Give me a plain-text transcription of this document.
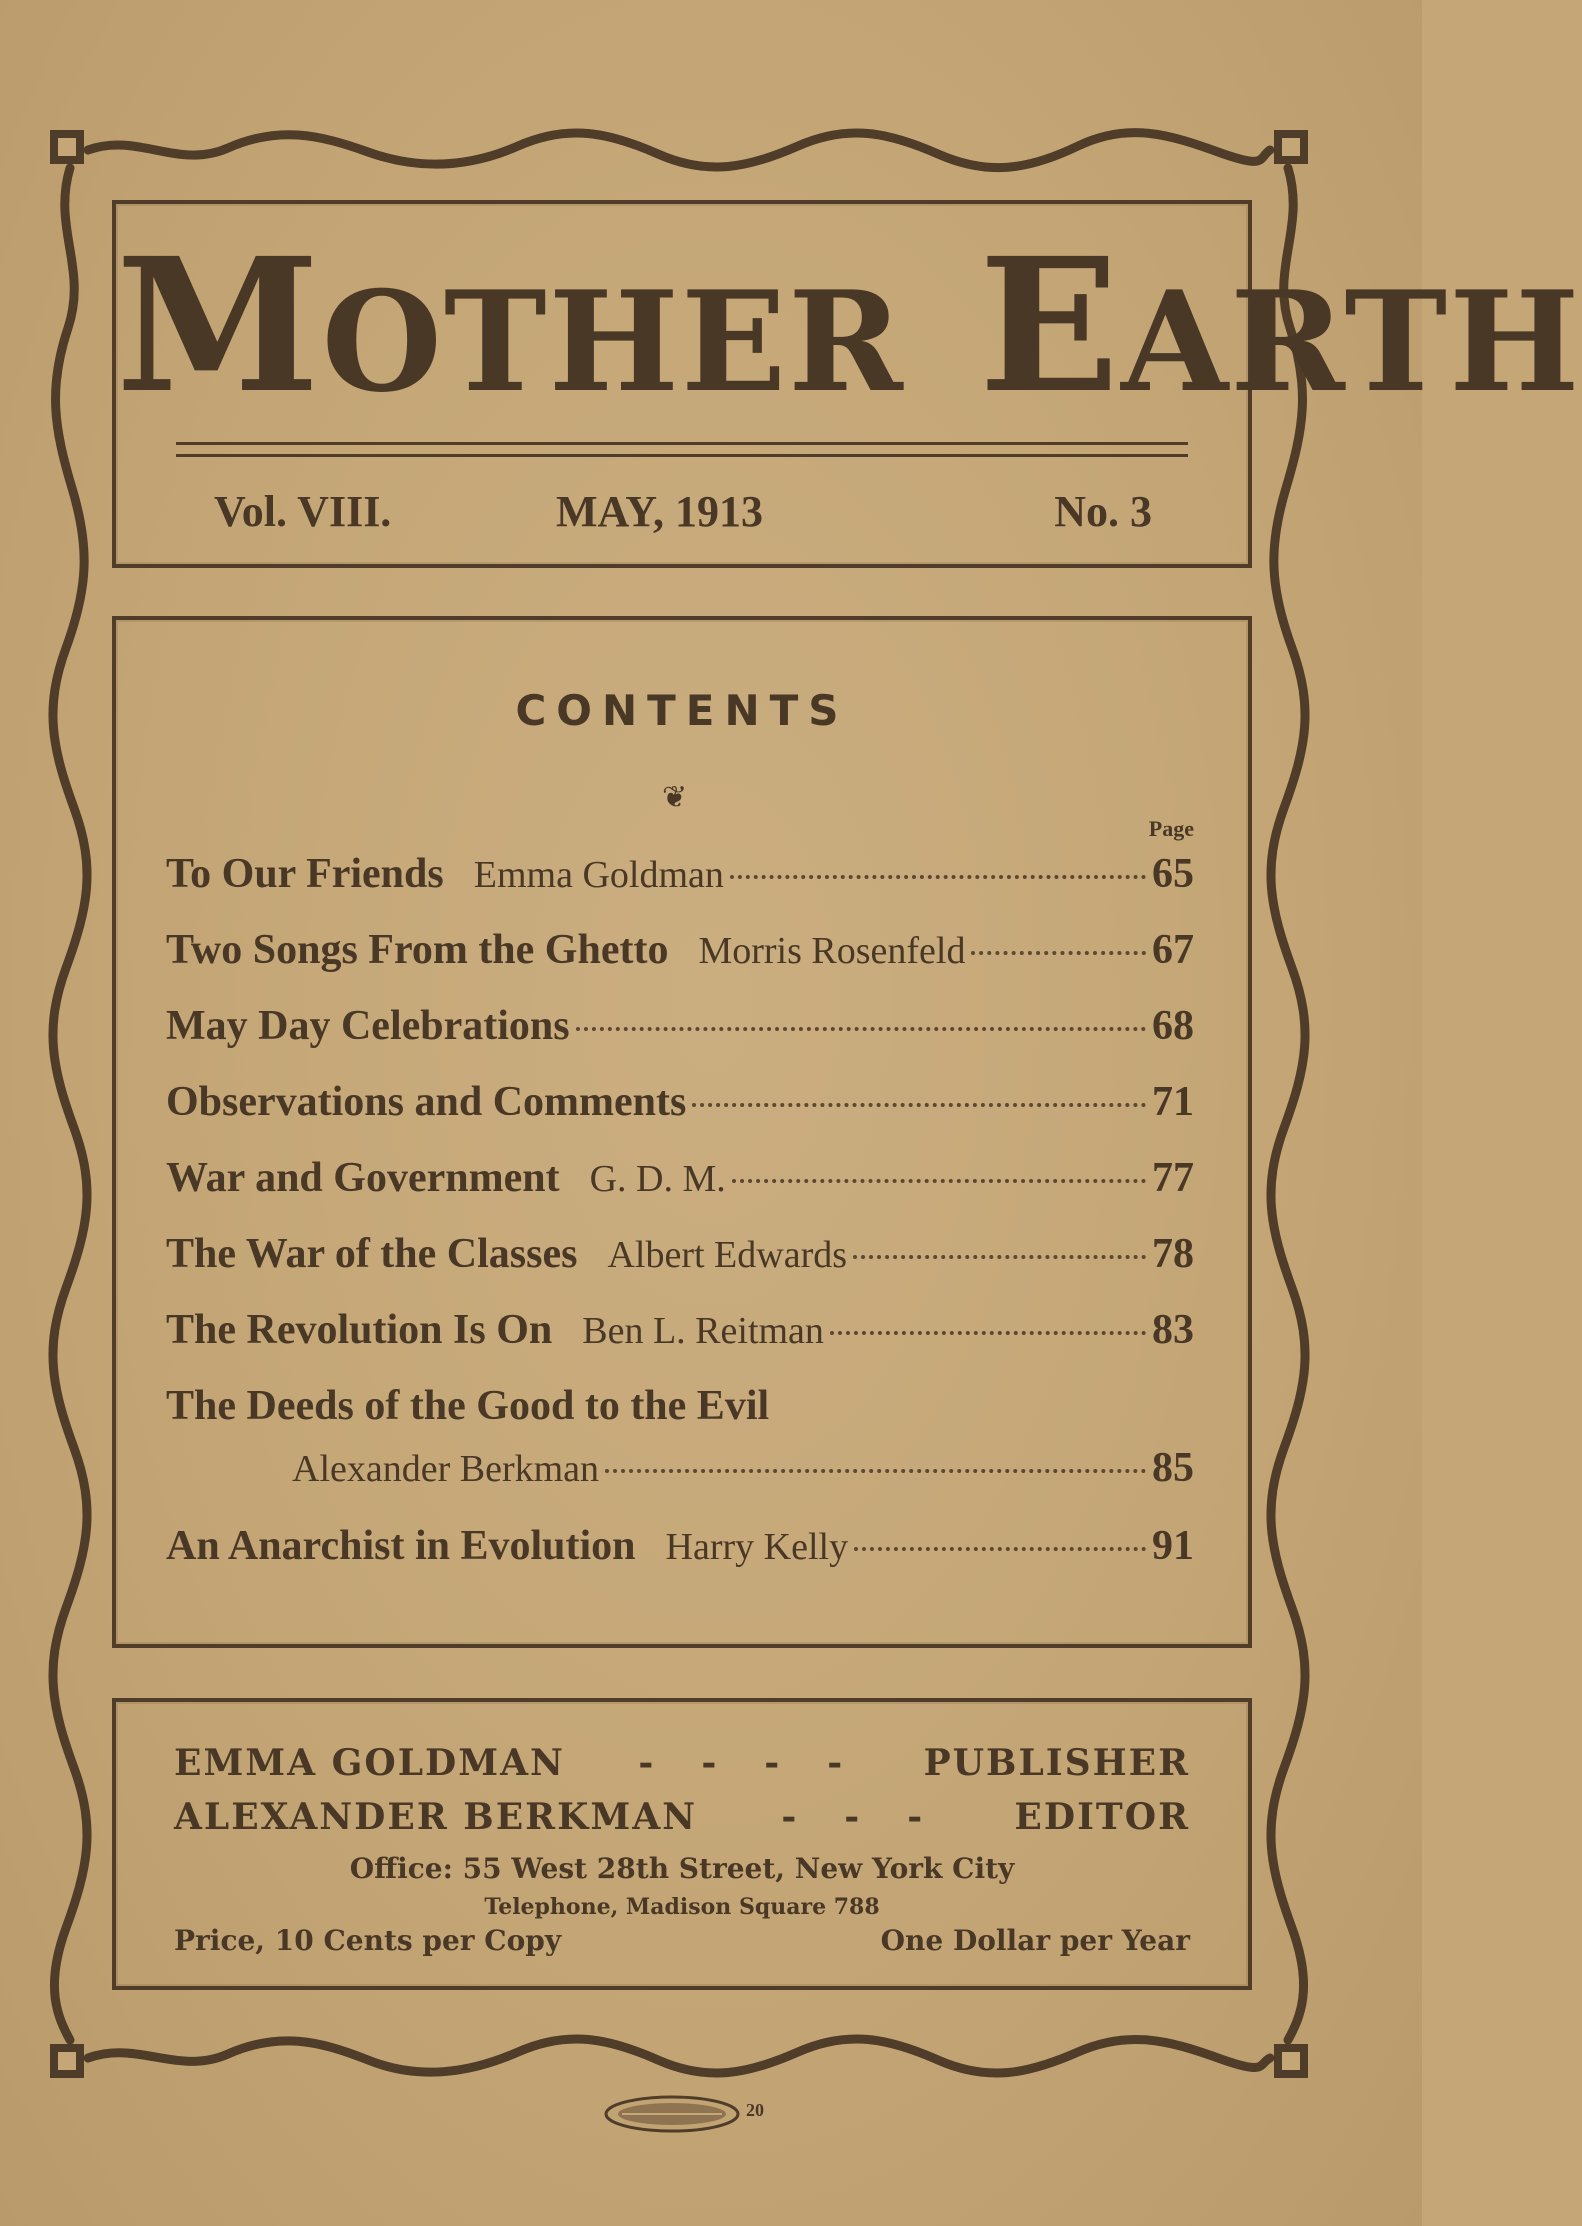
MOTHER EARTH
Vol. VIII.	MAY, 1913	No. 3
CONTENTS
❦
Page
To Our Friends Emma Goldman	65
Two Songs From the Ghetto Morris Rosenfeld	67
May Day Celebrations	68
Observations and Comments	71
War and Government G. D. M.	77
The War of the Classes Albert Edwards	78
The Revolution Is On Ben L. Reitman	83
The Deeds of the Good to the Evil
Alexander Berkman	85
An Anarchist in Evolution Harry Kelly	91
EMMA GOLDMAN	---- PUBLISHER
ALEXANDER BERKMAN	---	EDITOR
Office: 55 West 28th Street, New York City
Telephone, Madison Square 788
Price, 10 Cents per Copy	One Dollar per Year
20
